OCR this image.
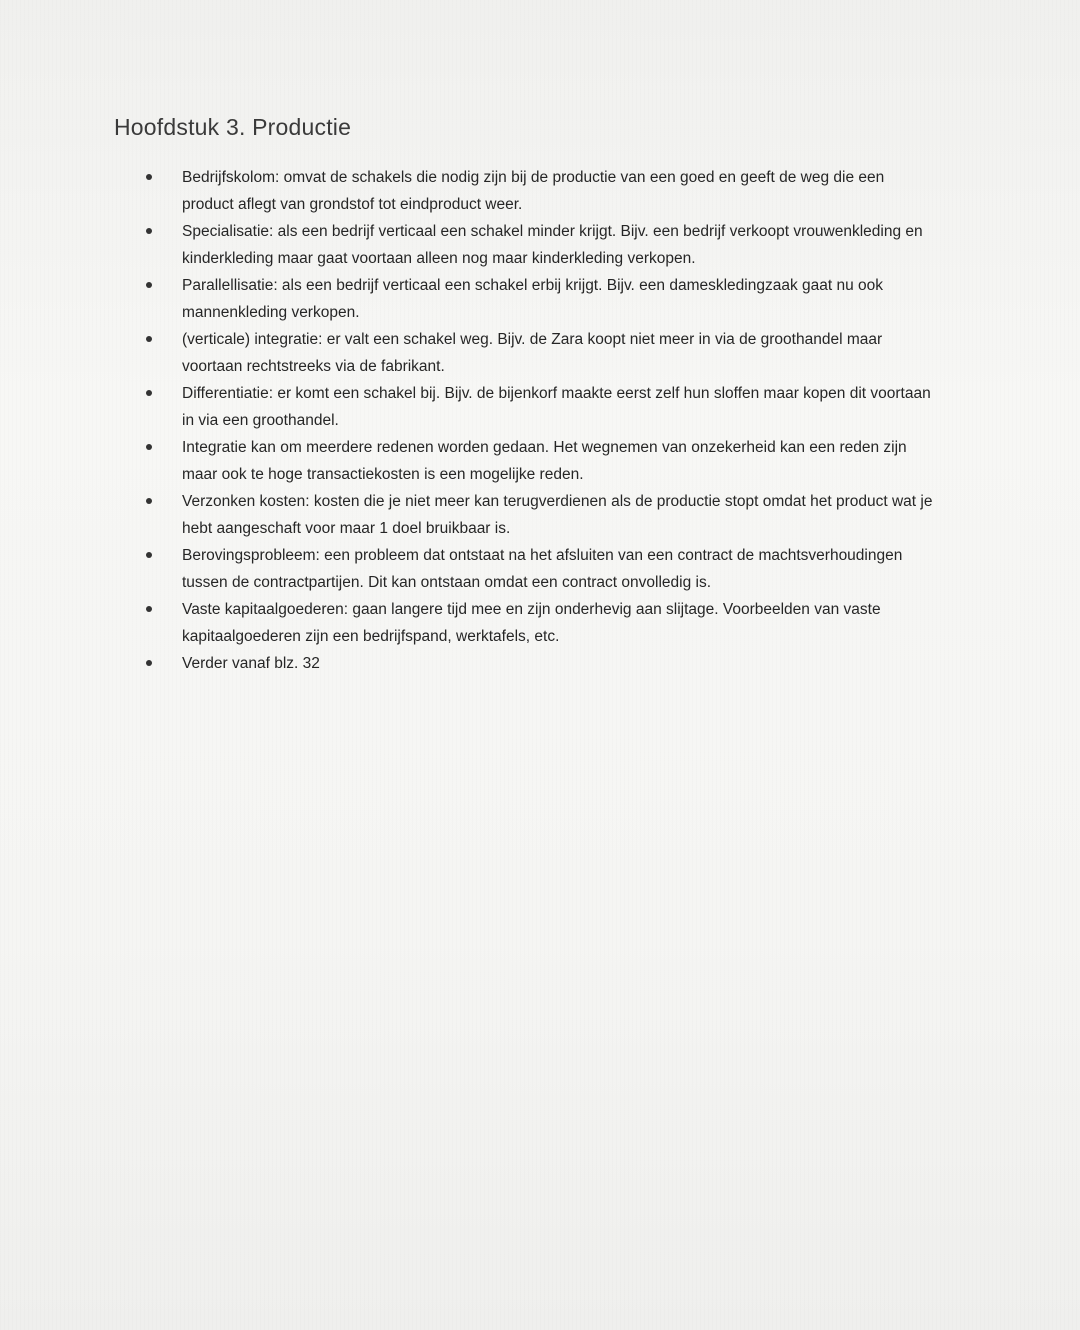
Hoofdstuk 3. Productie
Bedrijfskolom: omvat de schakels die nodig zijn bij de productie van een goed en geeft de weg die een product aflegt van grondstof tot eindproduct weer.
Specialisatie: als een bedrijf verticaal een schakel minder krijgt. Bijv. een bedrijf verkoopt vrouwenkleding en kinderkleding maar gaat voortaan alleen nog maar kinderkleding verkopen.
Parallellisatie: als een bedrijf verticaal een schakel erbij krijgt. Bijv. een dameskledingzaak gaat nu ook mannenkleding verkopen.
(verticale) integratie: er valt een schakel weg. Bijv. de Zara koopt niet meer in via de groothandel maar voortaan rechtstreeks via de fabrikant.
Differentiatie: er komt een schakel bij. Bijv. de bijenkorf maakte eerst zelf hun sloffen maar kopen dit voortaan in via een groothandel.
Integratie kan om meerdere redenen worden gedaan. Het wegnemen van onzekerheid kan een reden zijn maar ook te hoge transactiekosten is een mogelijke reden.
Verzonken kosten: kosten die je niet meer kan terugverdienen als de productie stopt omdat het product wat je hebt aangeschaft voor maar 1 doel bruikbaar is.
Berovingsprobleem: een probleem dat ontstaat na het afsluiten van een contract de machtsverhoudingen tussen de contractpartijen. Dit kan ontstaan omdat een contract onvolledig is.
Vaste kapitaalgoederen: gaan langere tijd mee en zijn onderhevig aan slijtage. Voorbeelden van vaste kapitaalgoederen zijn een bedrijfspand, werktafels, etc.
Verder vanaf blz. 32
